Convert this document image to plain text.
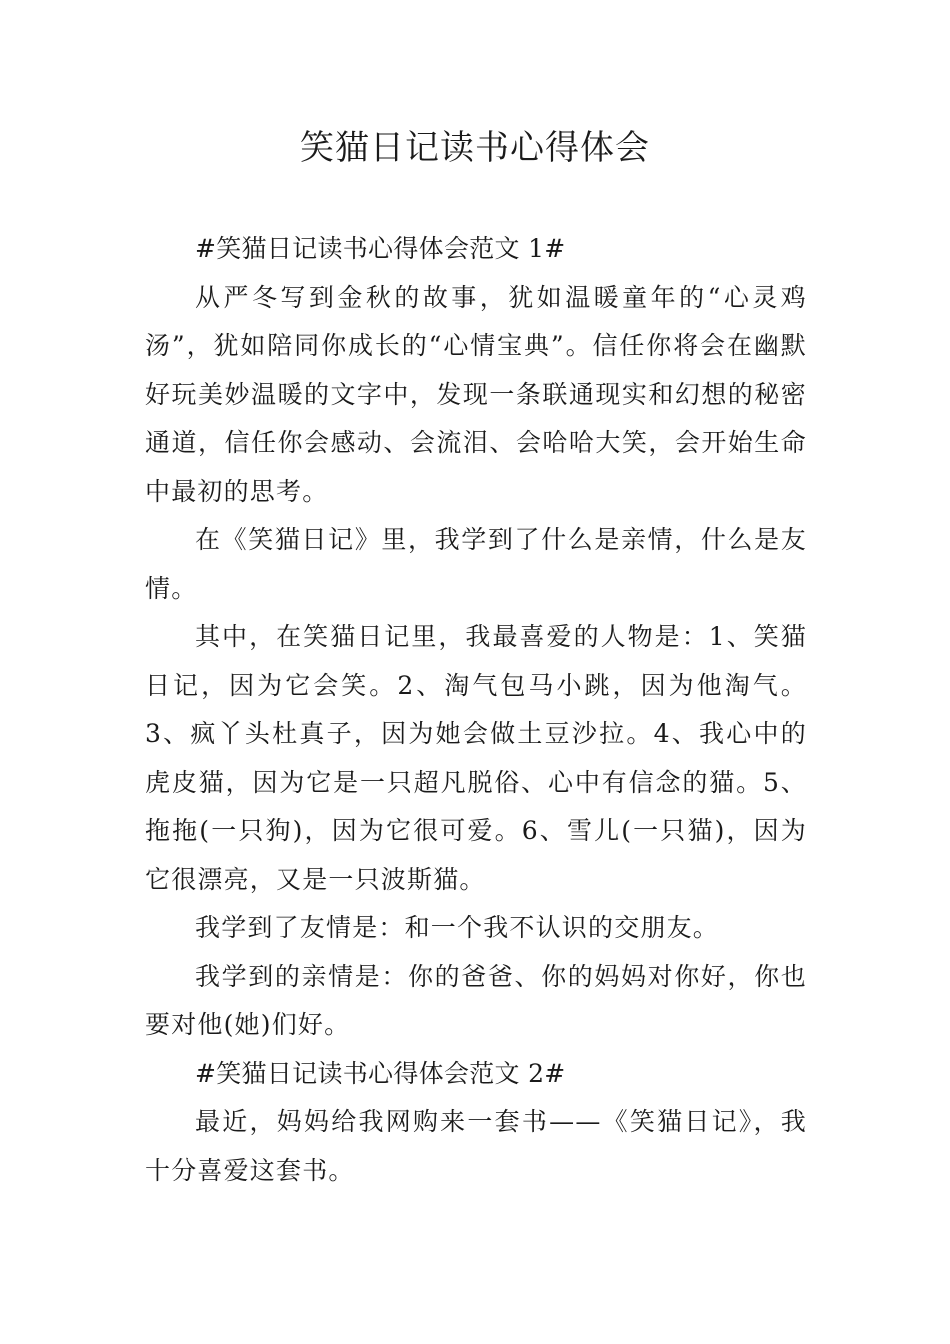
笑猫日记读书心得体会

#笑猫日记读书心得体会范文 1#

从严冬写到金秋的故事，犹如温暖童年的“心灵鸡汤”，犹如陪同你成长的“心情宝典”。信任你将会在幽默好玩美妙温暖的文字中，发现一条联通现实和幻想的秘密通道，信任你会感动、会流泪、会哈哈大笑，会开始生命中最初的思考。

在《笑猫日记》里，我学到了什么是亲情，什么是友情。

其中，在笑猫日记里，我最喜爱的人物是：1、笑猫日记，因为它会笑。2、淘气包马小跳，因为他淘气。3、疯丫头杜真子，因为她会做土豆沙拉。4、我心中的虎皮猫，因为它是一只超凡脱俗、心中有信念的猫。5、拖拖(一只狗)，因为它很可爱。6、雪儿(一只猫)，因为它很漂亮，又是一只波斯猫。

我学到了友情是：和一个我不认识的交朋友。

我学到的亲情是：你的爸爸、你的妈妈对你好，你也要对他(她)们好。

#笑猫日记读书心得体会范文 2#

最近，妈妈给我网购来一套书——《笑猫日记》，我十分喜爱这套书。
